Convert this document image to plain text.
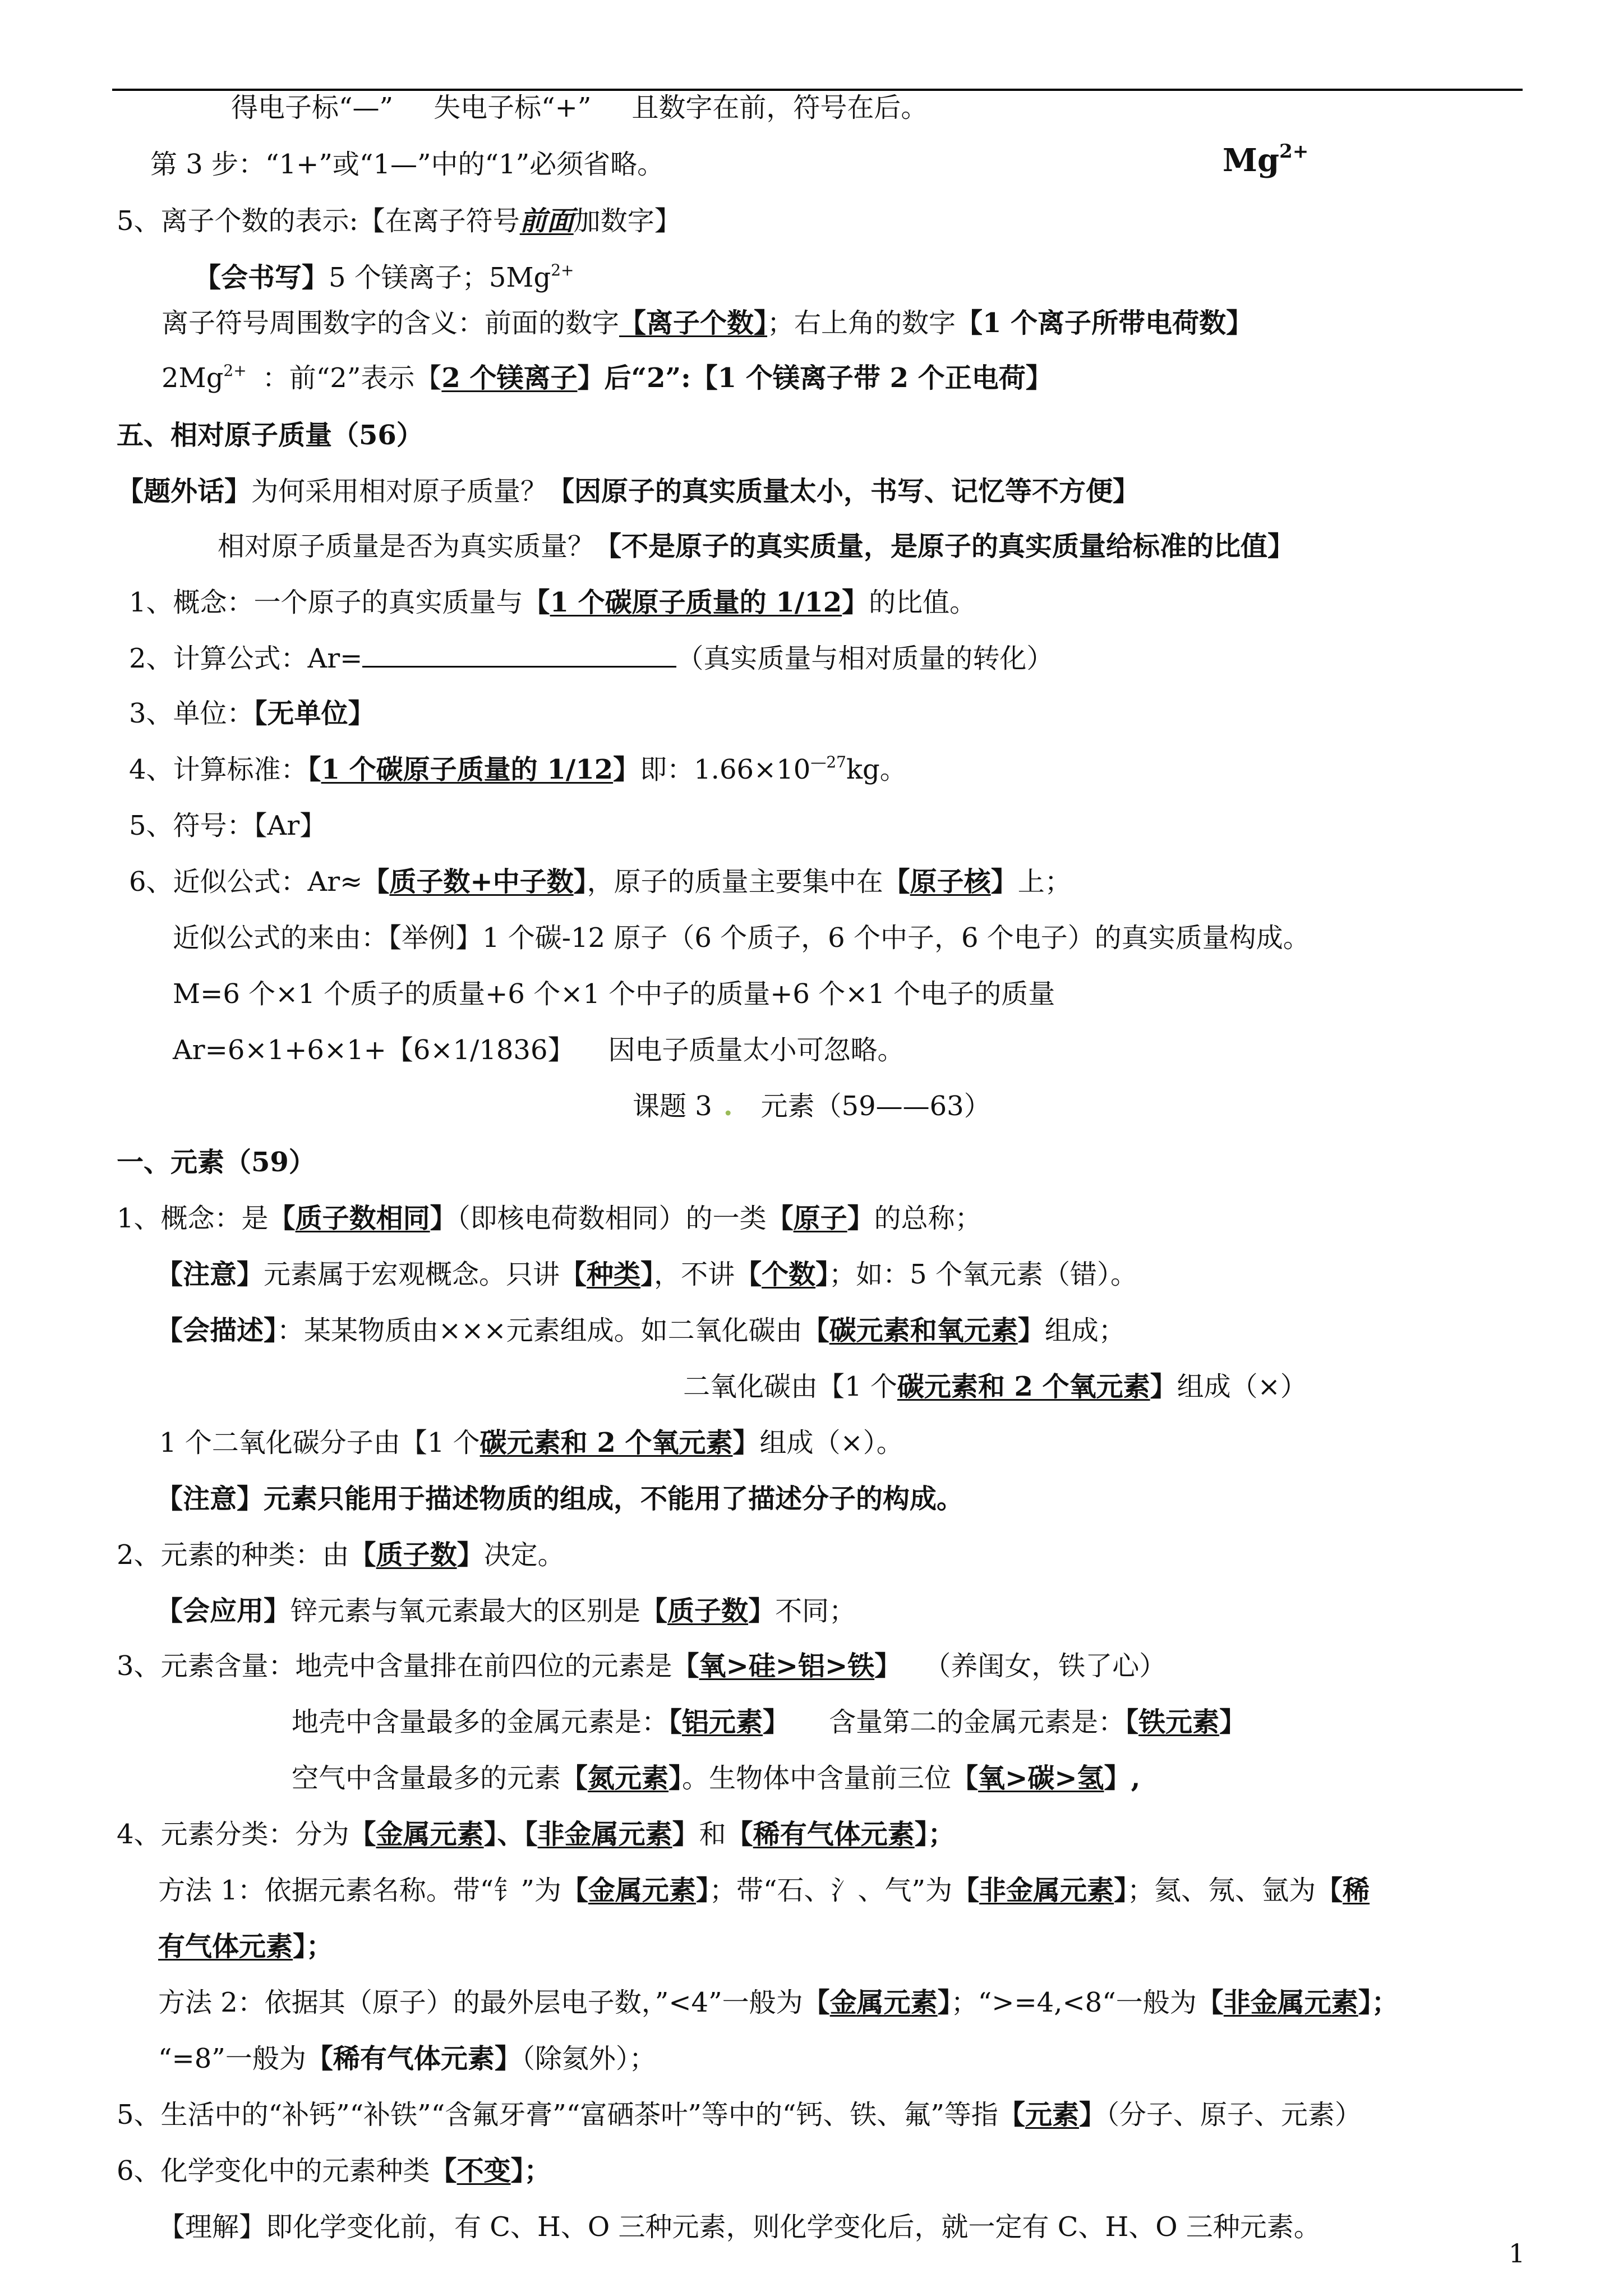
得电子标“—” 失电子标“+” 且数字在前，符号在后。
第 3 步：“1+”或“1—”中的“1”必须省略。	$Mg^{2+}$
5、离子个数的表示:【在离子符号前面加数字】
【会书写】5 个镁离子；$5Mg^{2+}$
离子符号周围数字的含义：前面的数字【离子个数】；右上角的数字【1 个离子所带电荷数】
$2Mg^{2+}$ ：前“2”表示【2 个镁离子】后“2”:【1 个镁离子带 2 个正电荷】
五、相对原子质量（56）
【题外话】为何采用相对原子质量？【因原子的真实质量太小，书写、记忆等不方便】
相对原子质量是否为真实质量？【不是原子的真实质量，是原子的真实质量给标准的比值】
1、概念：一个原子的真实质量与【1 个碳原子质量的 1/12】的比值。
2、计算公式：Ar=	（真实质量与相对质量的转化）
3、单位：【无单位】
4、计算标准：【1 个碳原子质量的 1/12】即：$1.66\times 10^{—27}kg$。
5、符号：【Ar】
6、近似公式：Ar≈【质子数+中子数】，原子的质量主要集中在【原子核】上；
近似公式的来由：【举例】1 个碳-12 原子（6 个质子，6 个中子，6 个电子）的真实质量构成。
M=6 个×1 个质子的质量+6 个×1 个中子的质量+6 个×1 个电子的质量
Ar=6×1+6×1+【6×1/1836】 因电子质量太小可忽略。
课题 3 . 元素（59——63）
一、元素（59）
1、概念：是【质子数相同】（即核电荷数相同）的一类【原子】的总称；
【注意】元素属于宏观概念。只讲【种类】，不讲【个数】；如：5 个氧元素（错）。
【会描述】：某某物质由×××元素组成。如二氧化碳由【碳元素和氧元素】组成；
二氧化碳由【1 个碳元素和 2 个氧元素】组成（×）
1 个二氧化碳分子由【1 个碳元素和 2 个氧元素】组成（×）。
【注意】元素只能用于描述物质的组成，不能用了描述分子的构成。
2、元素的种类：由【质子数】决定。
【会应用】锌元素与氧元素最大的区别是【质子数】不同；
3、元素含量：地壳中含量排在前四位的元素是【氧>硅>铝>铁】 （养闺女，铁了心）
地壳中含量最多的金属元素是：【铝元素】 含量第二的金属元素是：【铁元素】
空气中含量最多的元素【氮元素】。生物体中含量前三位【氧>碳>氢】,
4、元素分类：分为【金属元素】、【非金属元素】和【稀有气体元素】；
方法 1：依据元素名称。带“钅”为【金属元素】；带“石、氵、气”为【非金属元素】；氦、氖、氩为【稀
有气体元素】；
方法 2：依据其（原子）的最外层电子数，”<4”一般为【金属元素】；“>=4,<8“一般为【非金属元素】；
“=8”一般为【稀有气体元素】（除氦外）；
5、生活中的“补钙”“补铁”“含氟牙膏”“富硒茶叶”等中的“钙、铁、氟”等指【元素】（分子、原子、元素）
6、化学变化中的元素种类【不变】；
【理解】即化学变化前，有 C、H、O 三种元素，则化学变化后，就一定有 C、H、O 三种元素。
1
